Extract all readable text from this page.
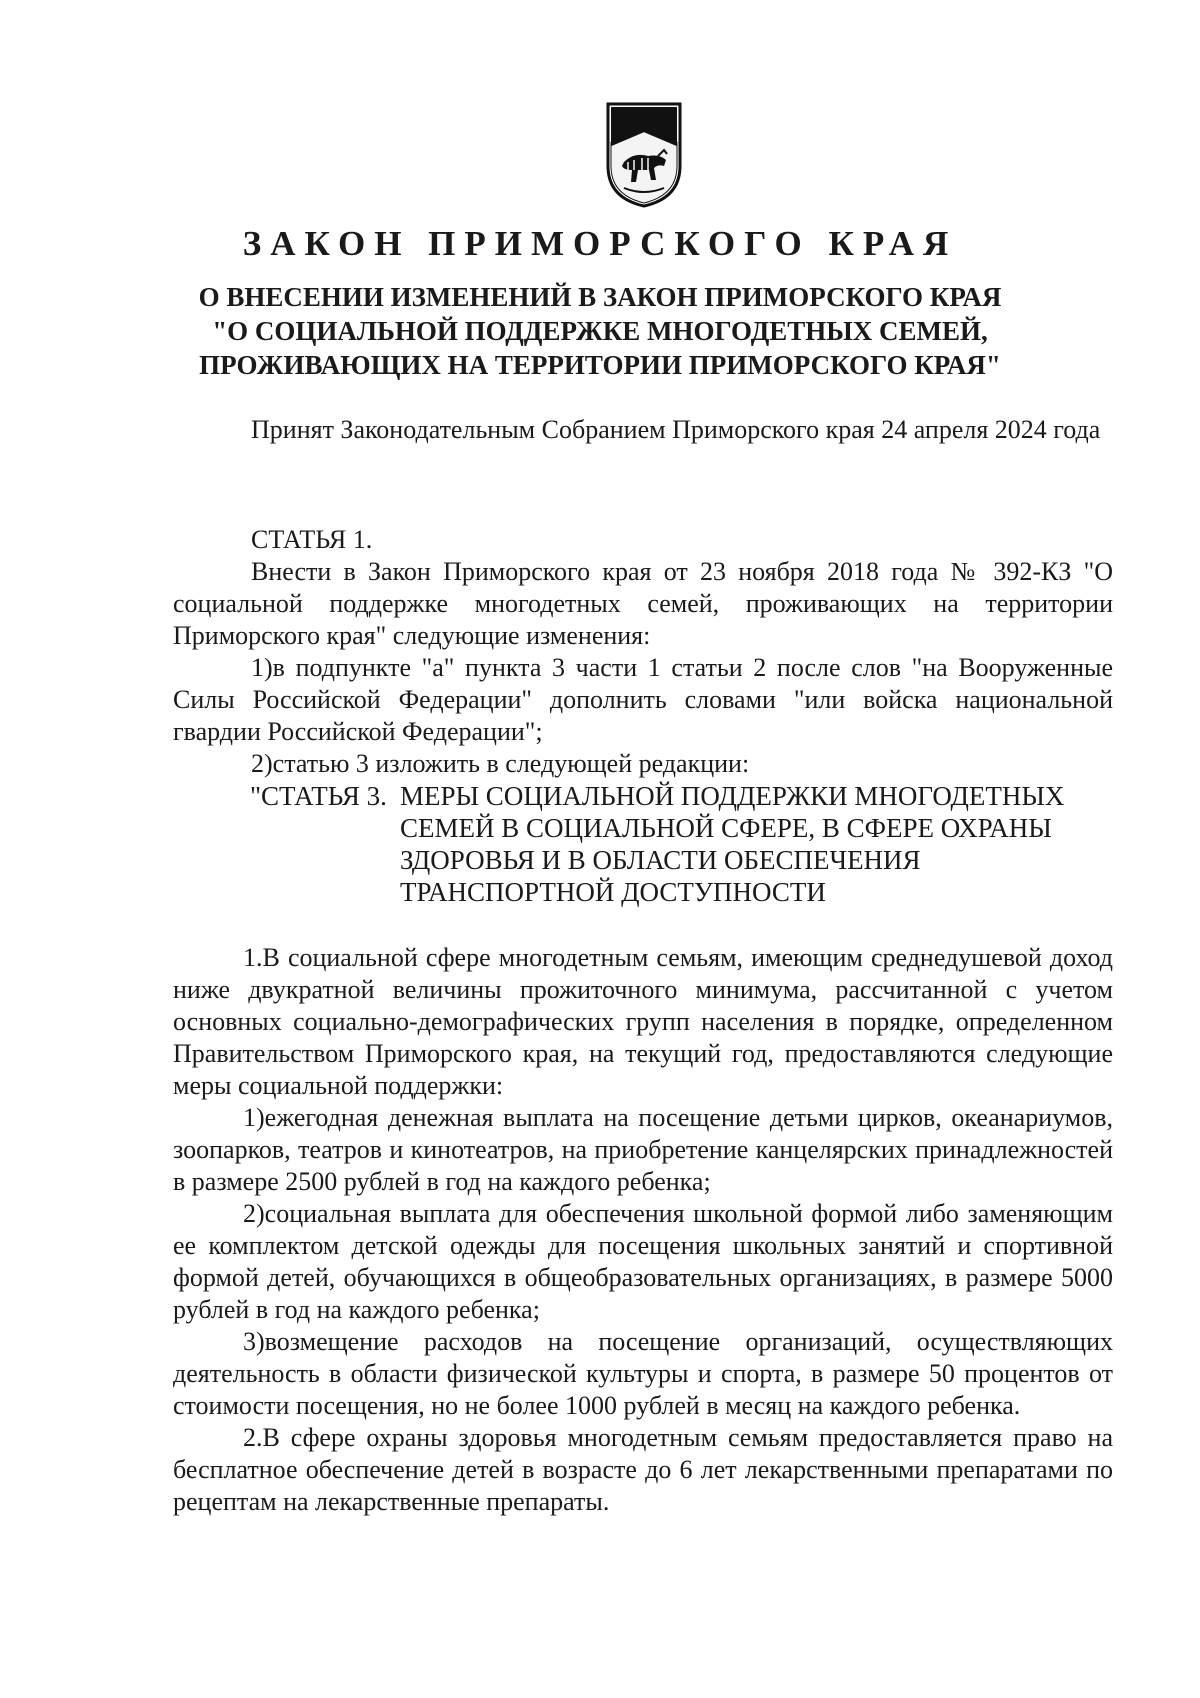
ЗАКОН ПРИМОРСКОГО КРАЯ
О ВНЕСЕНИИ ИЗМЕНЕНИЙ В ЗАКОН ПРИМОРСКОГО КРАЯ
"О СОЦИАЛЬНОЙ ПОДДЕРЖКЕ МНОГОДЕТНЫХ СЕМЕЙ,
ПРОЖИВАЮЩИХ НА ТЕРРИТОРИИ ПРИМОРСКОГО КРАЯ"

Принят Законодательным Собранием Приморского края 24 апреля 2024 года

СТАТЬЯ 1.

Внести в Закон Приморского края от 23 ноября 2018 года № 392-КЗ "О социальной поддержке многодетных семей, проживающих на территории Приморского края" следующие изменения:

1)в подпункте "а" пункта 3 части 1 статьи 2 после слов "на Вооруженные Силы Российской Федерации" дополнить словами "или войска национальной гвардии Российской Федерации";

2)статью 3 изложить в следующей редакции:

"СТАТЬЯ 3. МЕРЫ СОЦИАЛЬНОЙ ПОДДЕРЖКИ МНОГОДЕТНЫХ
СЕМЕЙ В СОЦИАЛЬНОЙ СФЕРЕ, В СФЕРЕ ОХРАНЫ
ЗДОРОВЬЯ И В ОБЛАСТИ ОБЕСПЕЧЕНИЯ
ТРАНСПОРТНОЙ ДОСТУПНОСТИ

1.В социальной сфере многодетным семьям, имеющим среднедушевой доход ниже двукратной величины прожиточного минимума, рассчитанной с учетом основных социально-демографических групп населения в порядке, определенном Правительством Приморского края, на текущий год, предоставляются следующие меры социальной поддержки:

1)ежегодная денежная выплата на посещение детьми цирков, океанариумов, зоопарков, театров и кинотеатров, на приобретение канцелярских принадлежностей в размере 2500 рублей в год на каждого ребенка;

2)социальная выплата для обеспечения школьной формой либо заменяющим ее комплектом детской одежды для посещения школьных занятий и спортивной формой детей, обучающихся в общеобразовательных организациях, в размере 5000 рублей в год на каждого ребенка;

3)возмещение расходов на посещение организаций, осуществляющих деятельность в области физической культуры и спорта, в размере 50 процентов от стоимости посещения, но не более 1000 рублей в месяц на каждого ребенка.

2.В сфере охраны здоровья многодетным семьям предоставляется право на бесплатное обеспечение детей в возрасте до 6 лет лекарственными препаратами по рецептам на лекарственные препараты.
